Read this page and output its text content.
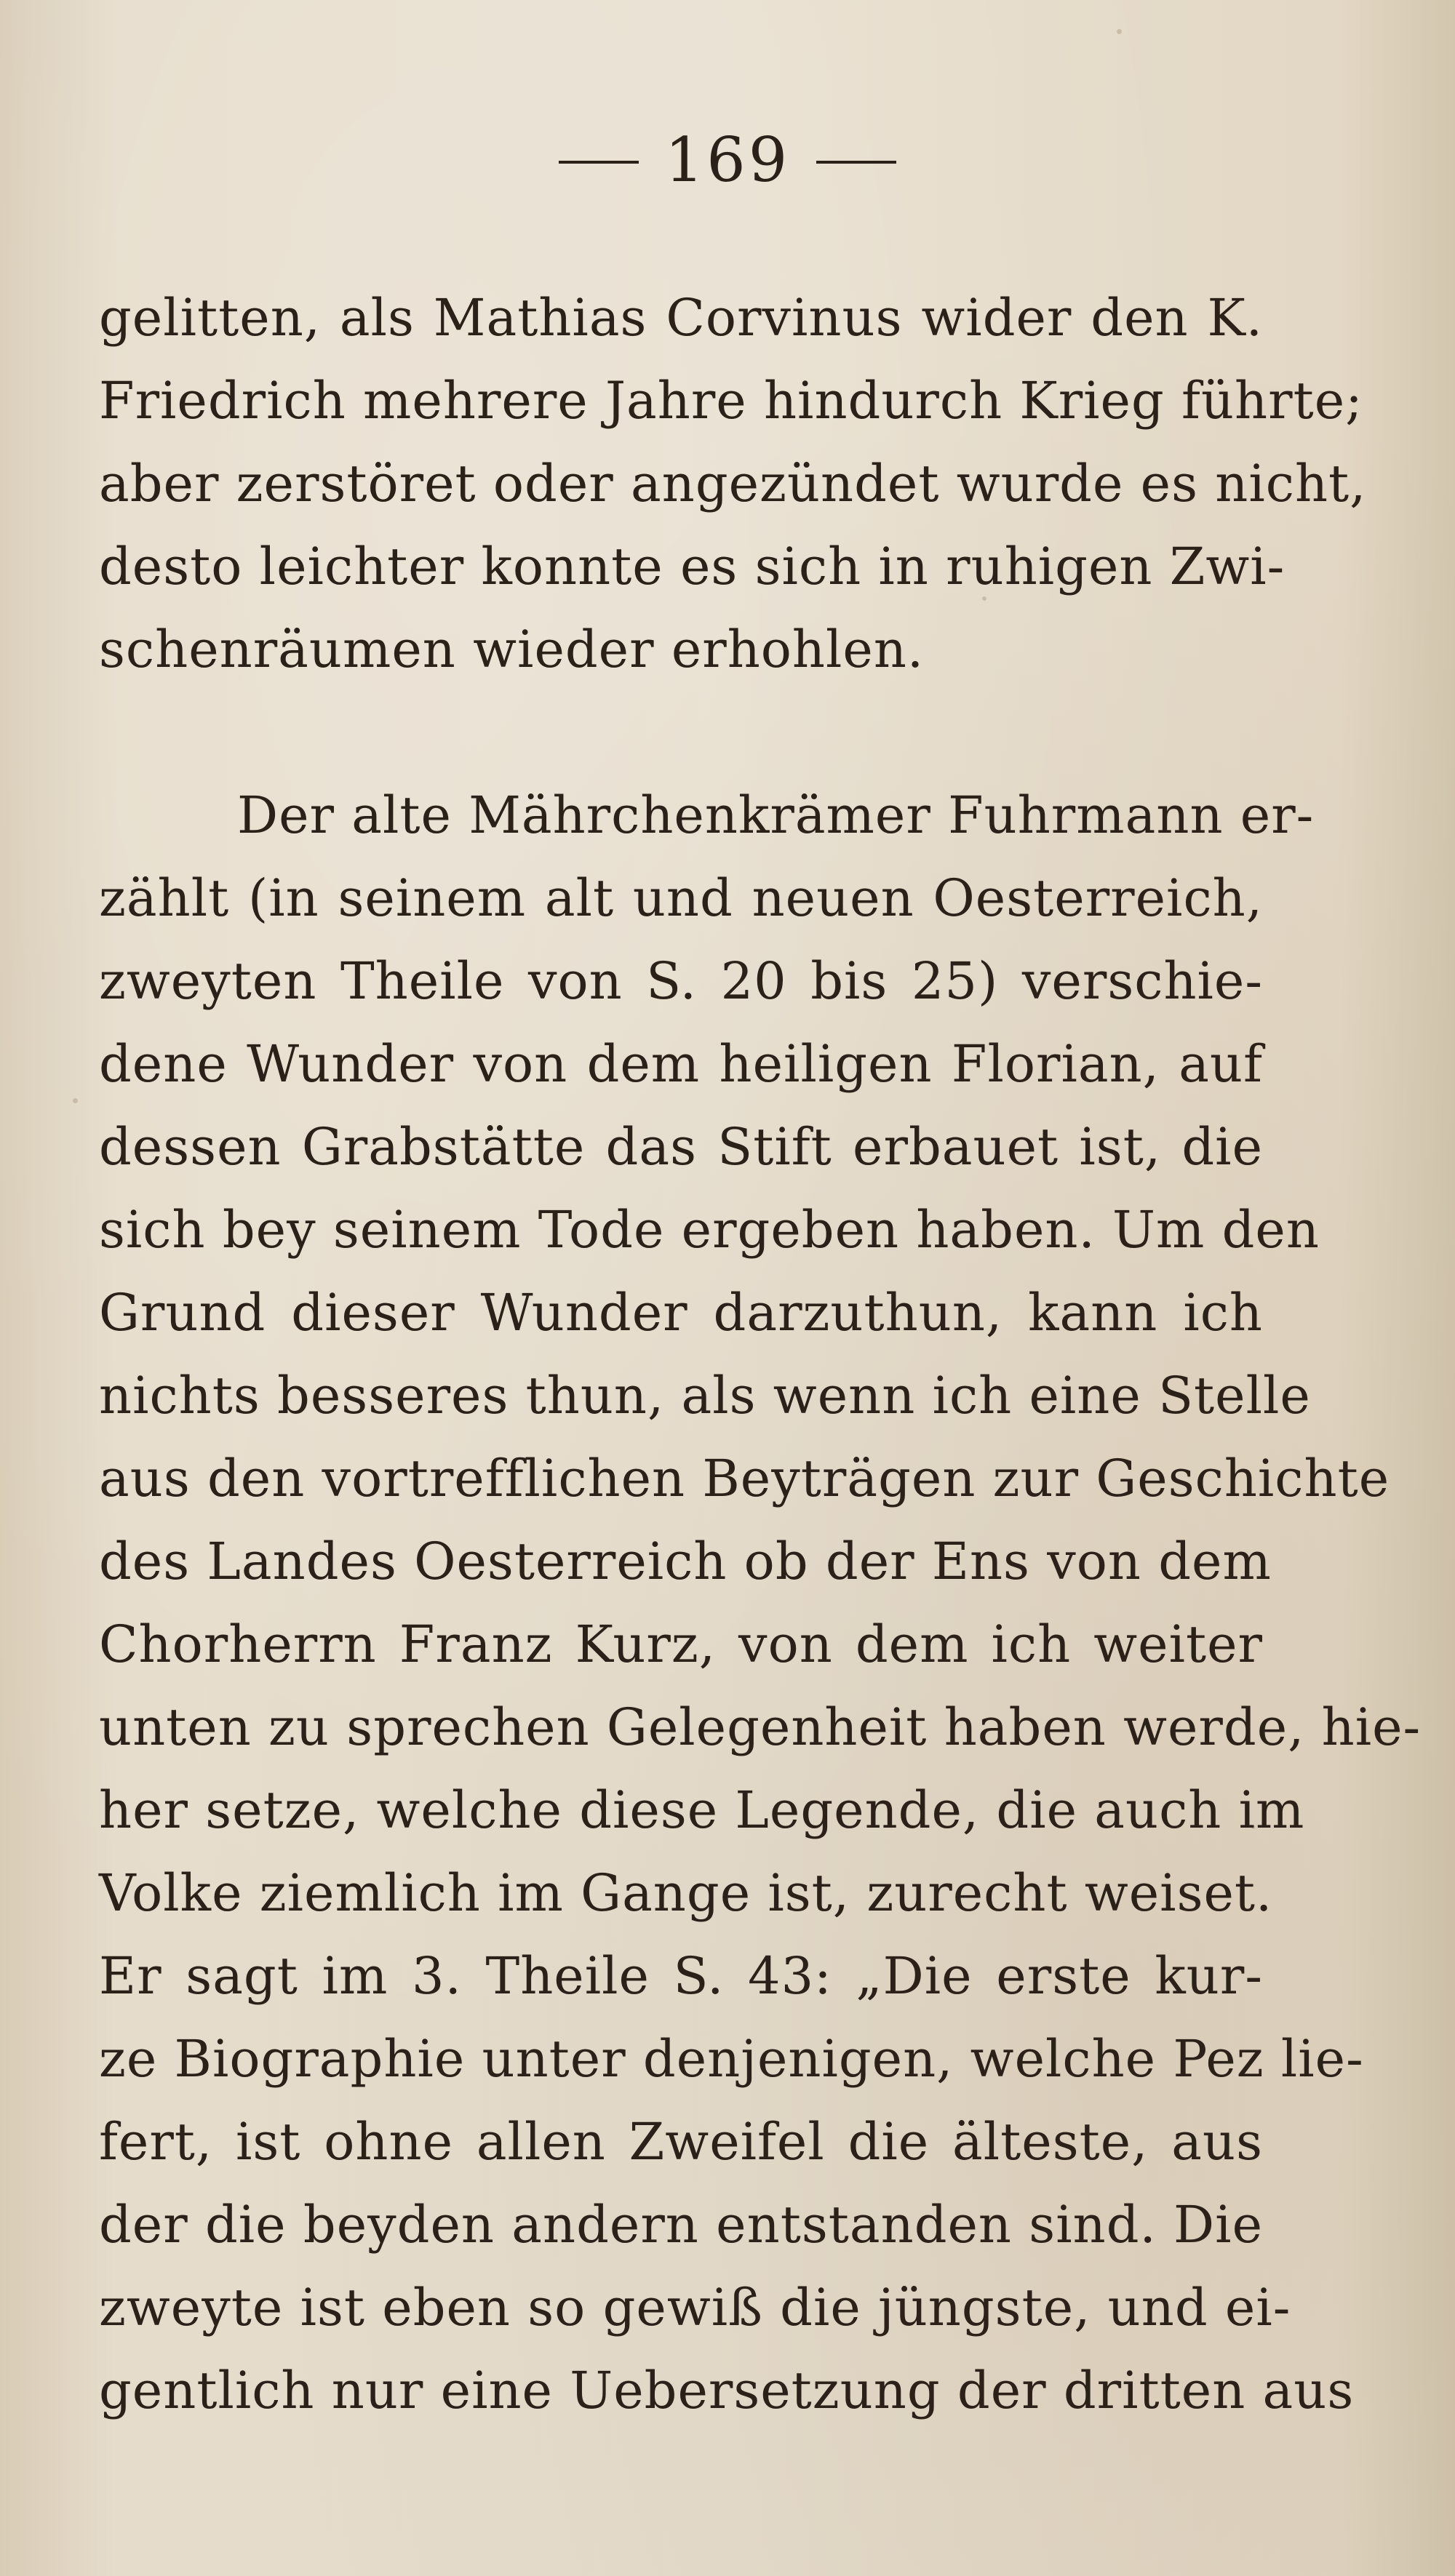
169
gelitten, als Mathias Corvinus wider den K.
Friedrich mehrere Jahre hindurch Krieg führte;
aber zerstöret oder angezündet wurde es nicht,
desto leichter konnte es sich in ruhigen Zwi-
schenräumen wieder erhohlen.
Der alte Mährchenkrämer Fuhrmann er-
zählt (in seinem alt und neuen Oesterreich,
zweyten Theile von S. 20 bis 25) verschie-
dene Wunder von dem heiligen Florian, auf
dessen Grabstätte das Stift erbauet ist, die
sich bey seinem Tode ergeben haben. Um den
Grund dieser Wunder darzuthun, kann ich
nichts besseres thun, als wenn ich eine Stelle
aus den vortrefflichen Beyträgen zur Geschichte
des Landes Oesterreich ob der Ens von dem
Chorherrn Franz Kurz, von dem ich weiter
unten zu sprechen Gelegenheit haben werde, hie-
her setze, welche diese Legende, die auch im
Volke ziemlich im Gange ist, zurecht weiset.
Er sagt im 3. Theile S. 43: „Die erste kur-
ze Biographie unter denjenigen, welche Pez lie-
fert, ist ohne allen Zweifel die älteste, aus
der die beyden andern entstanden sind. Die
zweyte ist eben so gewiß die jüngste, und ei-
gentlich nur eine Uebersetzung der dritten aus
